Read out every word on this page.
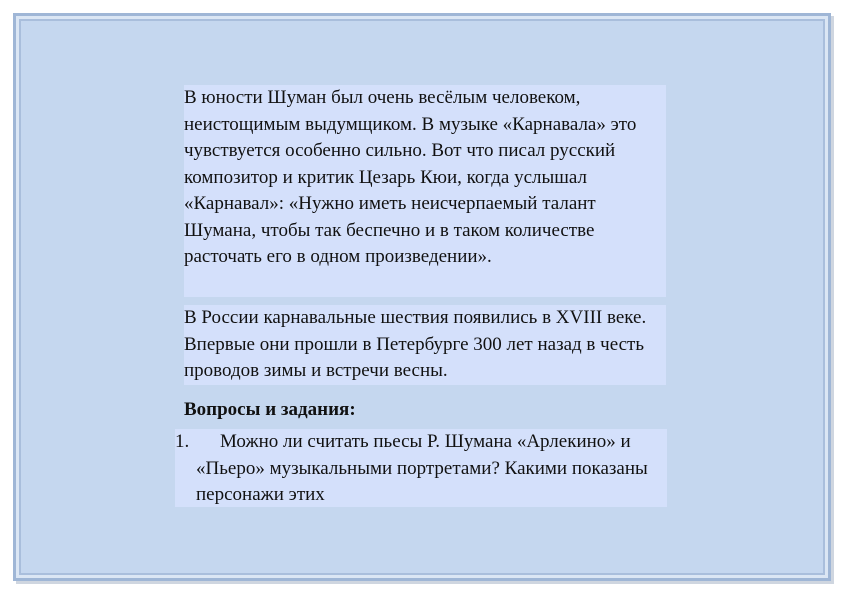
В юности Шуман был очень весёлым человеком, неистощимым выдумщиком. В музыке «Карнавала» это чувствуется особенно сильно. Вот что писал русский композитор и критик Цезарь Кюи, когда услышал «Карнавал»: «Нужно иметь неисчерпаемый талант Шумана, чтобы так беспечно и в таком количестве расточать его в одном произведении».

В России карнавальные шествия появились в XVIII веке. Впервые они прошли в Петербурге 300 лет назад в честь проводов зимы и встречи весны.

Вопросы и задания:

1.	Можно ли считать пьесы Р. Шумана «Арлекино» и «Пьеро» музыкальными портретами? Какими показаны персонажи этих
